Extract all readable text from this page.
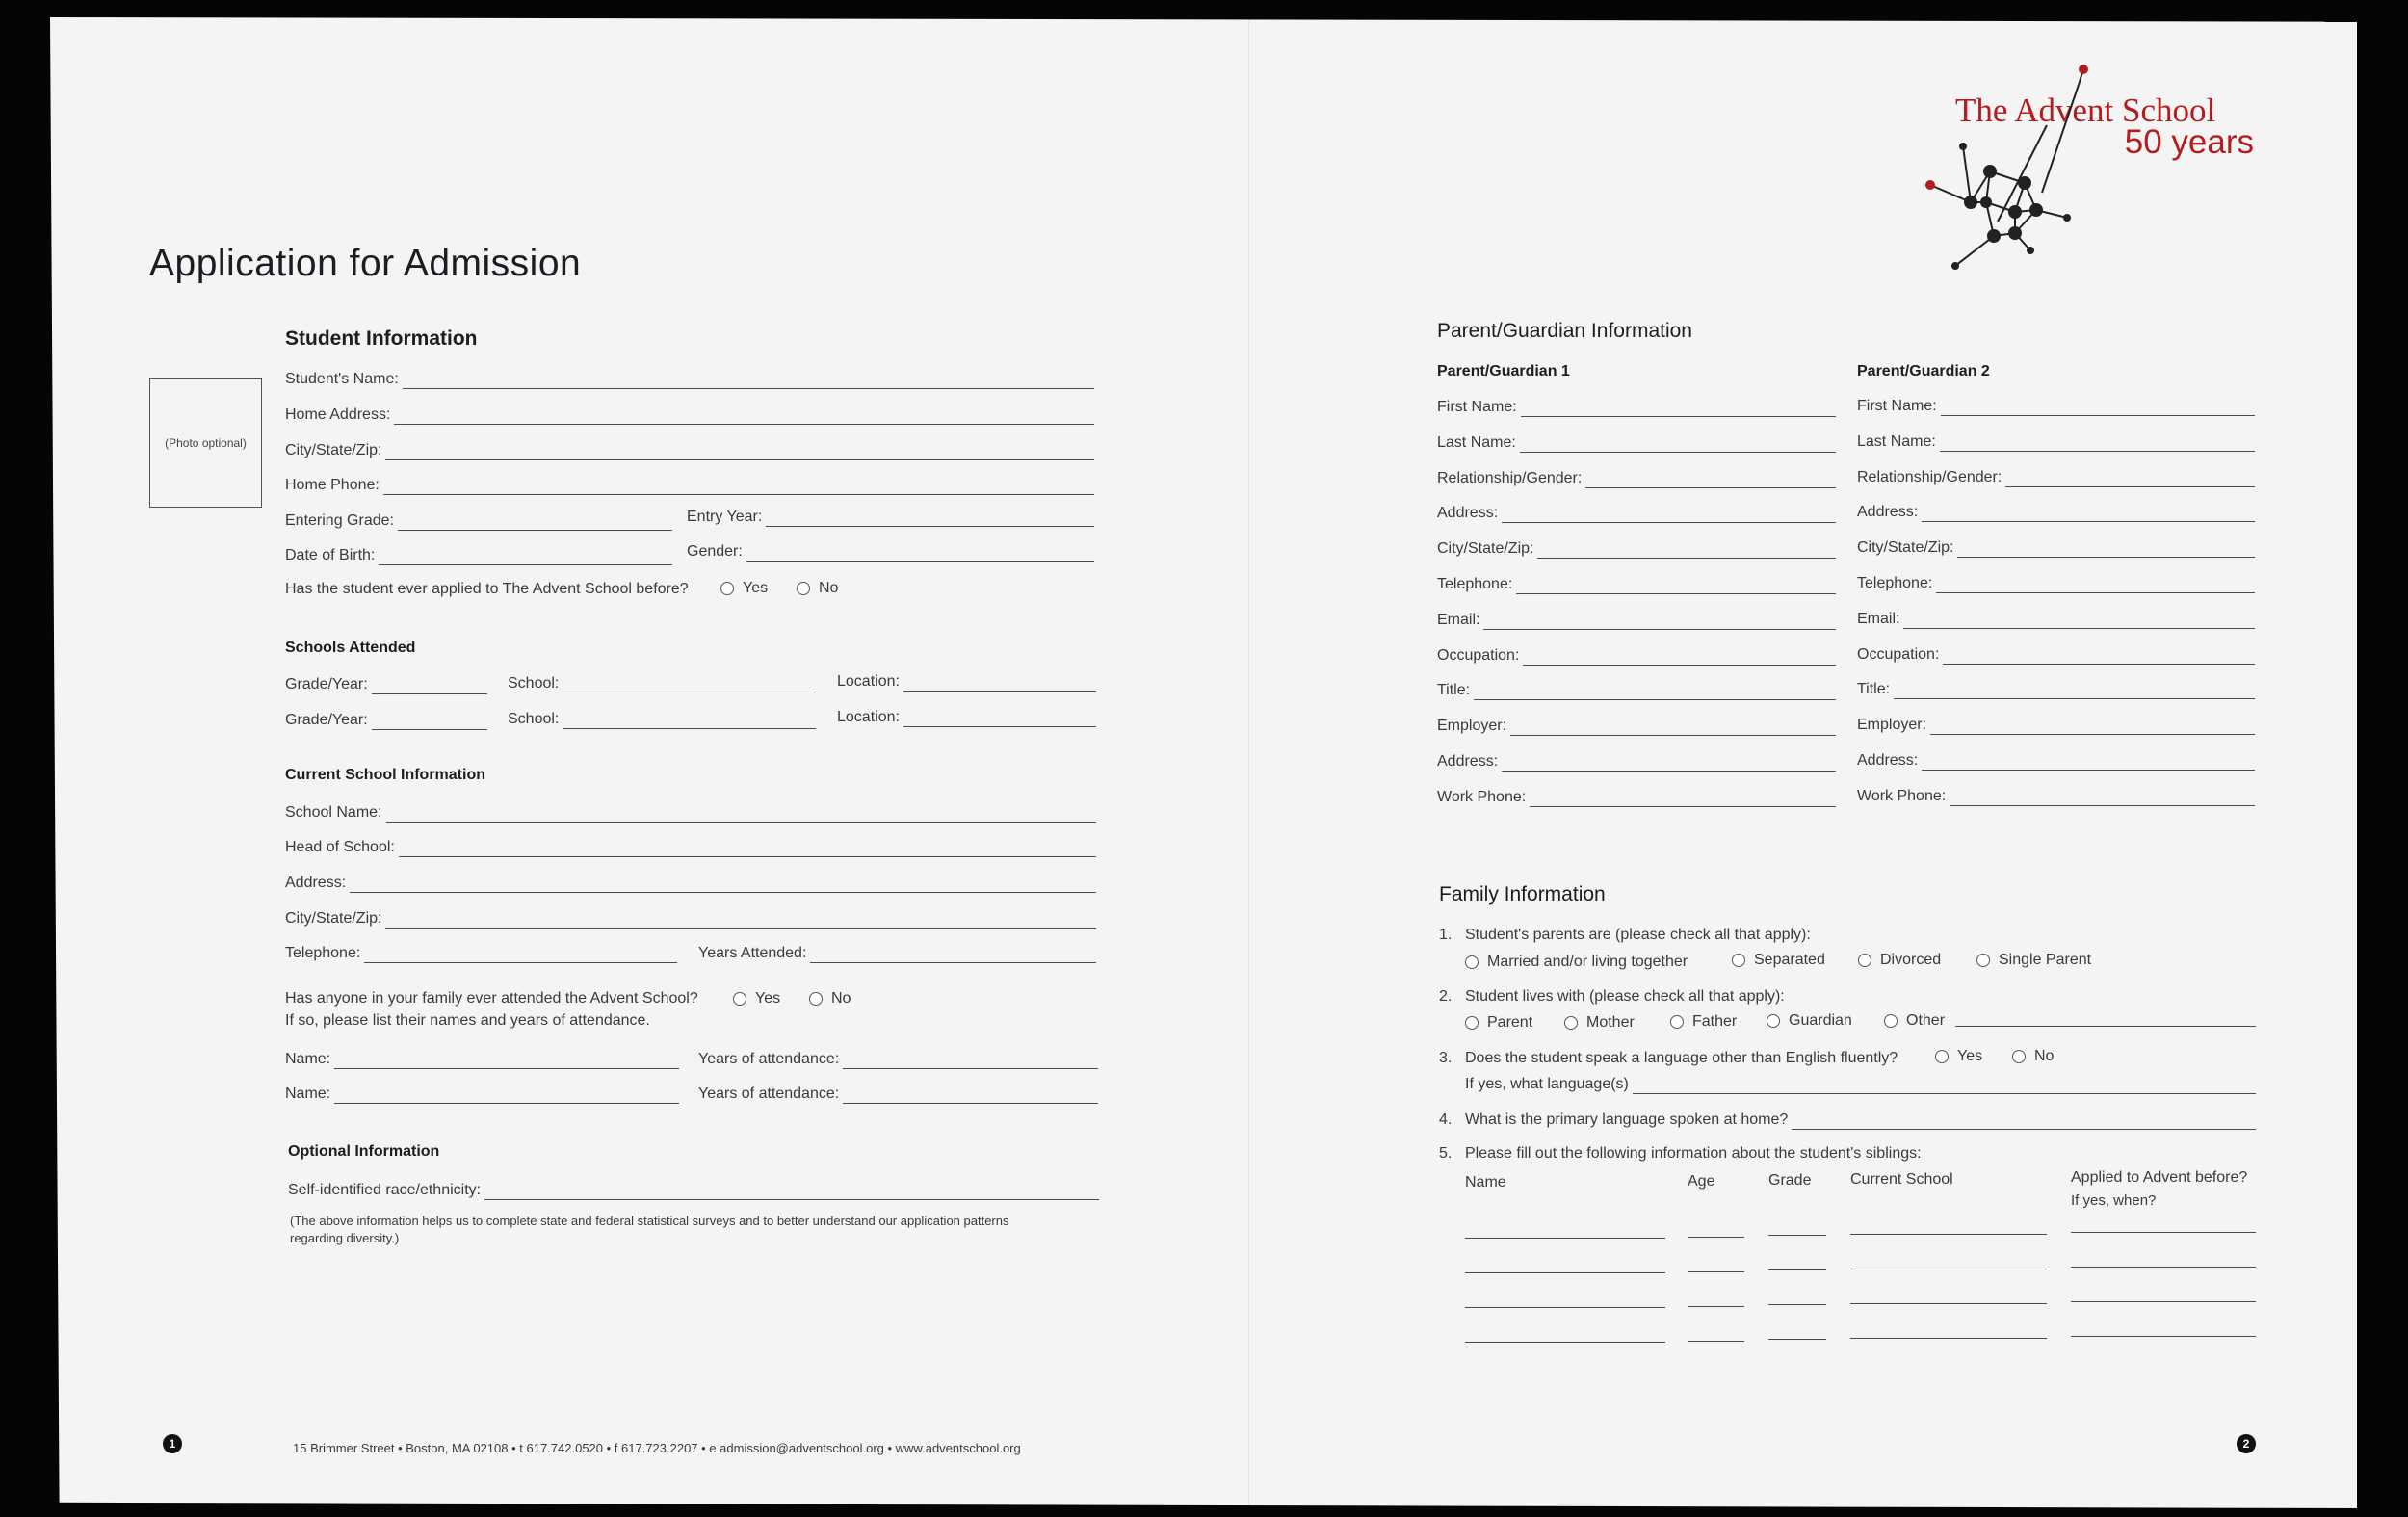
Application for Admission
Student Information
(Photo optional)
Student's Name:
Home Address:
City/State/Zip:
Home Phone:
Entering Grade:	Entry Year:
Date of Birth:	Gender:
Has the student ever applied to The Advent School before?	Yes	No
Schools Attended
Grade/Year:	School:	Location:
Grade/Year:	School:	Location:
Current School Information
School Name:
Head of School:
Address:
City/State/Zip:
Telephone:	Years Attended:
Has anyone in your family ever attended the Advent School?
If so, please list their names and years of attendance.
Yes	No
Name:	Years of attendance:
Name:	Years of attendance:
Optional Information
Self-identified race/ethnicity:
(The above information helps us to complete state and federal statistical surveys and to better understand our application patterns
regarding diversity.)
1	15 Brimmer Street • Boston, MA 02108 • t 617.742.0520 • f 617.723.2207 • e admission@adventschool.org • www.adventschool.org
The Advent School
50 years
Parent/Guardian Information
Parent/Guardian 1	Parent/Guardian 2
First Name:	First Name:
Last Name:	Last Name:
Relationship/Gender:	Relationship/Gender:
Address:	Address:
City/State/Zip:	City/State/Zip:
Telephone:	Telephone:
Email:	Email:
Occupation:	Occupation:
Title:	Title:
Employer:	Employer:
Address:	Address:
Work Phone:	Work Phone:
Family Information
1. Student's parents are (please check all that apply):
Married and/or living together	Separated	Divorced	Single Parent
2. Student lives with (please check all that apply):
Parent	Mother	Father	Guardian	Other
3. Does the student speak a language other than English fluently?	Yes	No
If yes, what language(s)
4. What is the primary language spoken at home?
5. Please fill out the following information about the student's siblings:
Name	Age	Grade	Current School	Applied to Advent before?
If yes, when?
2
